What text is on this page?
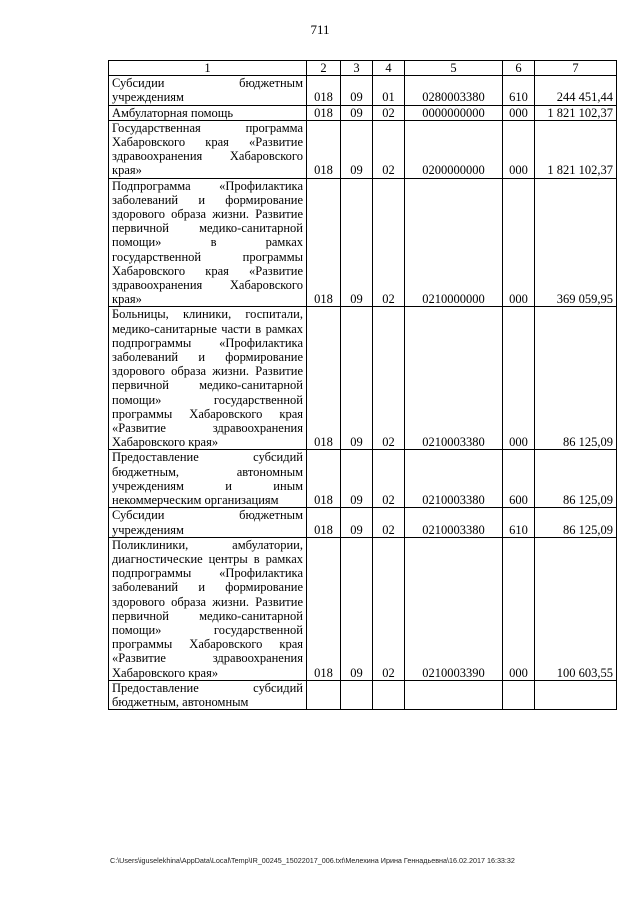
711
1	2	3	4	5	6	7
Субсидии бюджетным учреждениям	018	09	01	0280003380	610	244 451,44
Амбулаторная помощь	018	09	02	0000000000	000	1 821 102,37
Государственная программа Хабаровского края «Развитие здравоохранения Хабаровского края»	018	09	02	0200000000	000	1 821 102,37
Подпрограмма «Профилактика заболеваний и формирование здорового образа жизни. Развитие первичной медико-санитарной помощи» в рамках государственной программы Хабаровского края «Развитие здравоохранения Хабаровского края»	018	09	02	0210000000	000	369 059,95
Больницы, клиники, госпитали, медико-санитарные части в рамках подпрограммы «Профилактика заболеваний и формирование здорового образа жизни. Развитие первичной медико-санитарной помощи» государственной программы Хабаровского края «Развитие здравоохранения Хабаровского края»	018	09	02	0210003380	000	86 125,09
Предоставление субсидий бюджетным, автономным учреждениям и иным некоммерческим организациям	018	09	02	0210003380	600	86 125,09
Субсидии бюджетным учреждениям	018	09	02	0210003380	610	86 125,09
Поликлиники, амбулатории, диагностические центры в рамках подпрограммы «Профилактика заболеваний и формирование здорового образа жизни. Развитие первичной медико-санитарной помощи» государственной программы Хабаровского края «Развитие здравоохранения Хабаровского края»	018	09	02	0210003390	000	100 603,55
Предоставление субсидий бюджетным, автономным						
C:\Users\iguselekhina\AppData\Local\Temp\IR_00245_15022017_006.txt\Мелехина Ирина Геннадьевна\16.02.2017 16:33:32
